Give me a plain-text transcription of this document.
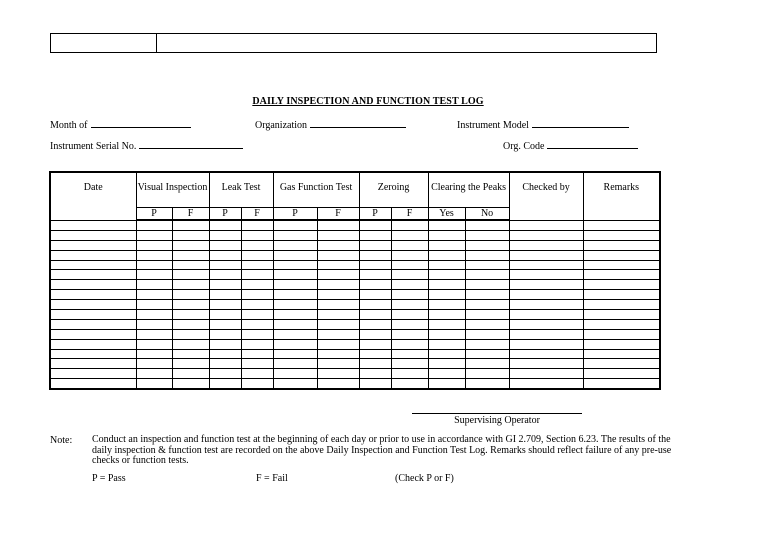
DAILY INSPECTION AND FUNCTION TEST LOG
Month of	Organization	Instrument Model
Instrument Serial No.	Org. Code
Date	Visual Inspection		Leak Test		Gas Function Test		Zeroing		Clearing the Peaks		Checked by	Remarks
	P	F	P	F	P	F	P	F	Yes	No		

Supervising Operator
Note: Conduct an inspection and function test at the beginning of each day or prior to use in accordance with GI 2.709, Section 6.23. The results of the daily inspection & function test are recorded on the above Daily Inspection and Function Test Log. Remarks should reflect failure of any pre-use checks or function tests.
P = Pass	F = Fail	(Check P or F)
